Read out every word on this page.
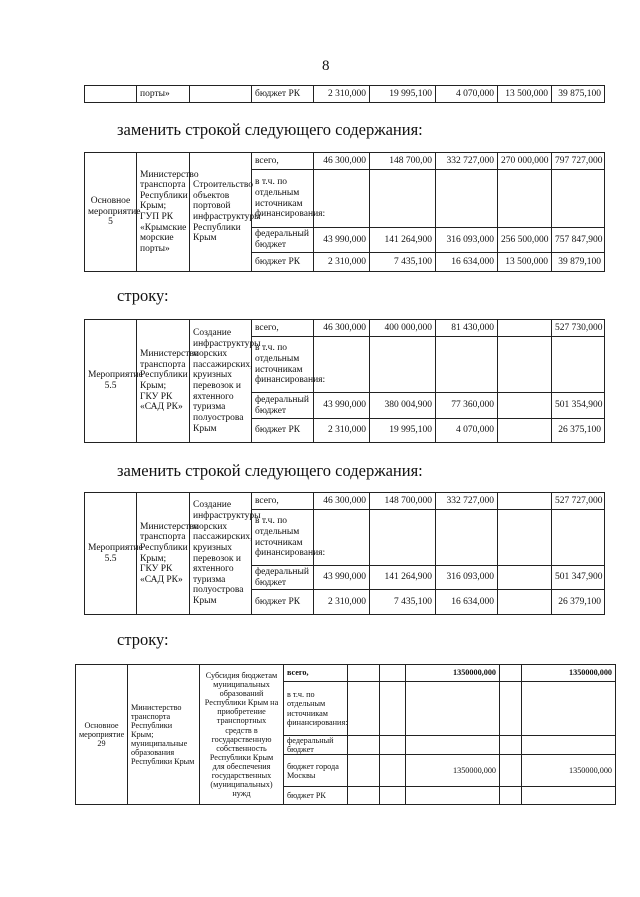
8
	порты»		бюджет РК	2 310,000	19 995,100	4 070,000	13 500,000	39 875,100
заменить строкой следующего содержания:
Основное мероприятие 5	Министерство транспорта Республики Крым; ГУП РК «Крымские морские порты»	Строительство объектов портовой инфраструктуры Республики Крым	всего,	46 300,000	148 700,00	332 727,000	270 000,000	797 727,000
			в т.ч. по отдельным источникам финансирования:					
			федеральный бюджет	43 990,000	141 264,900	316 093,000	256 500,000	757 847,900
			бюджет РК	2 310,000	7 435,100	16 634,000	13 500,000	39 879,100
строку:
Мероприятие 5.5	Министерство транспорта Республики Крым; ГКУ РК «САД РК»	Создание инфраструктуры морских пассажирских, круизных перевозок и яхтенного туризма полуострова Крым	всего,	46 300,000	400 000,000	81 430,000		527 730,000
			в т.ч. по отдельным источникам финансирования:					
			федеральный бюджет	43 990,000	380 004,900	77 360,000		501 354,900
			бюджет РК	2 310,000	19 995,100	4 070,000		26 375,100
заменить строкой следующего содержания:
Мероприятие 5.5	Министерство транспорта Республики Крым; ГКУ РК «САД РК»	Создание инфраструктуры морских пассажирских, круизных перевозок и яхтенного туризма полуострова Крым	всего,	46 300,000	148 700,000	332 727,000		527 727,000
			в т.ч. по отдельным источникам финансирования:					
			федеральный бюджет	43 990,000	141 264,900	316 093,000		501 347,900
			бюджет РК	2 310,000	7 435,100	16 634,000		26 379,100
строку:
Основное мероприятие 29	Министерство транспорта Республики Крым; муниципальные образования Республики Крым	Субсидия бюджетам муниципальных образований Республики Крым на приобретение транспортных средств в государственную собственность Республики Крым для обеспечения государственных (муниципальных) нужд	всего,			1350000,000		1350000,000
			в т.ч. по отдельным источникам финансирования:					
			федеральный бюджет					
			бюджет города Москвы			1350000,000		1350000,000
			бюджет РК					
